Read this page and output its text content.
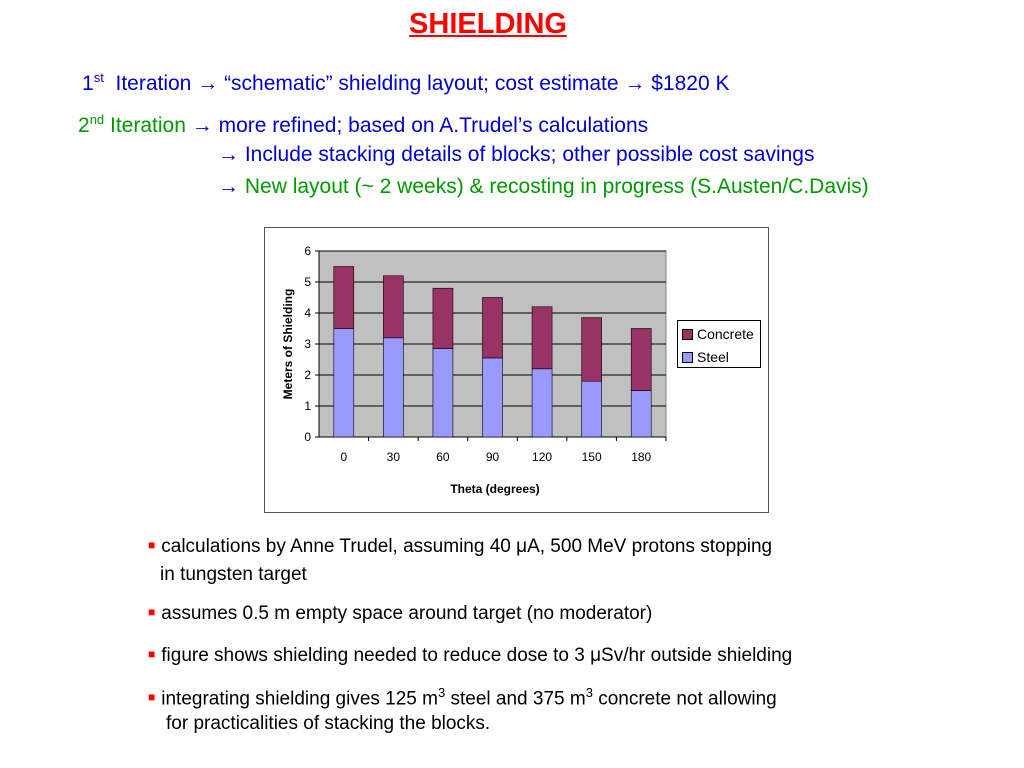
SHIELDING
1st Iteration → “schematic” shielding layout; cost estimate → $1820 K
2nd Iteration → more refined; based on A.Trudel’s calculations
→ Include stacking details of blocks; other possible cost savings
→ New layout (~ 2 weeks) & recosting in progress (S.Austen/C.Davis)
0
1
2
3
4
5
6
0	30	60	90	120 150 180
Meters of Shielding
Theta (degrees)
Concrete
Steel
■ calculations by Anne Trudel, assuming 40 μA, 500 MeV protons stopping
in tungsten target
■ assumes 0.5 m empty space around target (no moderator)
■ figure shows shielding needed to reduce dose to 3 μSv/hr outside shielding
■ integrating shielding gives 125 $m^3$ steel and 375 $m^3$ concrete not allowing
for practicalities of stacking the blocks.
